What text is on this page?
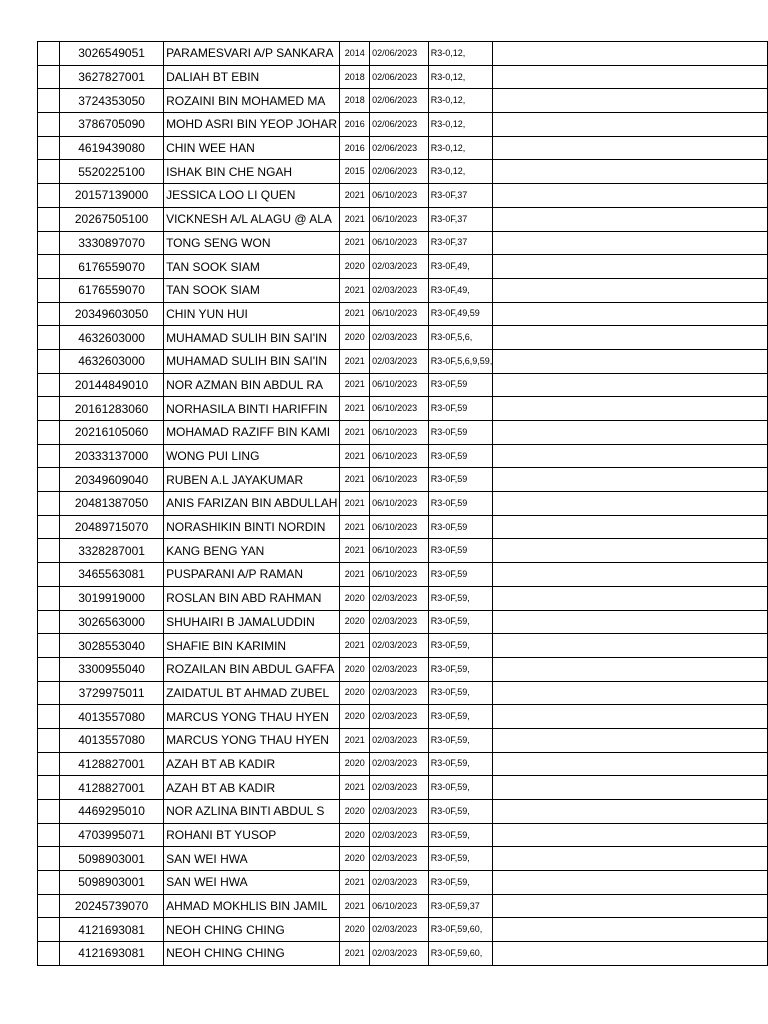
	3026549051	PARAMESVARI A/P SANKARA	2014	02/06/2023	R3-0,12,	
	3627827001	DALIAH BT EBIN	2018	02/06/2023	R3-0,12,	
	3724353050	ROZAINI BIN MOHAMED MA	2018	02/06/2023	R3-0,12,	
	3786705090	MOHD ASRI BIN YEOP JOHAR	2016	02/06/2023	R3-0,12,	
	4619439080	CHIN WEE HAN	2016	02/06/2023	R3-0,12,	
	5520225100	ISHAK BIN CHE NGAH	2015	02/06/2023	R3-0,12,	
	20157139000	JESSICA LOO LI QUEN	2021	06/10/2023	R3-0F,37	
	20267505100	VICKNESH A/L ALAGU @ ALA	2021	06/10/2023	R3-0F,37	
	3330897070	TONG SENG WON	2021	06/10/2023	R3-0F,37	
	6176559070	TAN SOOK SIAM	2020	02/03/2023	R3-0F,49,	
	6176559070	TAN SOOK SIAM	2021	02/03/2023	R3-0F,49,	
	20349603050	CHIN YUN HUI	2021	06/10/2023	R3-0F,49,59	
	4632603000	MUHAMAD SULIH BIN SAI'IN	2020	02/03/2023	R3-0F,5,6,	
	4632603000	MUHAMAD SULIH BIN SAI'IN	2021	02/03/2023	R3-0F,5,6,9,59,	
	20144849010	NOR AZMAN BIN ABDUL RA	2021	06/10/2023	R3-0F,59	
	20161283060	NORHASILA BINTI HARIFFIN	2021	06/10/2023	R3-0F,59	
	20216105060	MOHAMAD RAZIFF BIN KAMI	2021	06/10/2023	R3-0F,59	
	20333137000	WONG PUI LING	2021	06/10/2023	R3-0F,59	
	20349609040	RUBEN A.L JAYAKUMAR	2021	06/10/2023	R3-0F,59	
	20481387050	ANIS FARIZAN BIN ABDULLAH	2021	06/10/2023	R3-0F,59	
	20489715070	NORASHIKIN BINTI NORDIN	2021	06/10/2023	R3-0F,59	
	3328287001	KANG BENG YAN	2021	06/10/2023	R3-0F,59	
	3465563081	PUSPARANI A/P RAMAN	2021	06/10/2023	R3-0F,59	
	3019919000	ROSLAN BIN ABD RAHMAN	2020	02/03/2023	R3-0F,59,	
	3026563000	SHUHAIRI B JAMALUDDIN	2020	02/03/2023	R3-0F,59,	
	3028553040	SHAFIE BIN KARIMIN	2021	02/03/2023	R3-0F,59,	
	3300955040	ROZAILAN BIN ABDUL GAFFA	2020	02/03/2023	R3-0F,59,	
	3729975011	ZAIDATUL BT AHMAD ZUBEL	2020	02/03/2023	R3-0F,59,	
	4013557080	MARCUS YONG THAU HYEN	2020	02/03/2023	R3-0F,59,	
	4013557080	MARCUS YONG THAU HYEN	2021	02/03/2023	R3-0F,59,	
	4128827001	AZAH BT AB KADIR	2020	02/03/2023	R3-0F,59,	
	4128827001	AZAH BT AB KADIR	2021	02/03/2023	R3-0F,59,	
	4469295010	NOR AZLINA BINTI ABDUL S	2020	02/03/2023	R3-0F,59,	
	4703995071	ROHANI BT YUSOP	2020	02/03/2023	R3-0F,59,	
	5098903001	SAN WEI HWA	2020	02/03/2023	R3-0F,59,	
	5098903001	SAN WEI HWA	2021	02/03/2023	R3-0F,59,	
	20245739070	AHMAD MOKHLIS BIN JAMIL	2021	06/10/2023	R3-0F,59,37	
	4121693081	NEOH CHING CHING	2020	02/03/2023	R3-0F,59,60,	
	4121693081	NEOH CHING CHING	2021	02/03/2023	R3-0F,59,60,	
